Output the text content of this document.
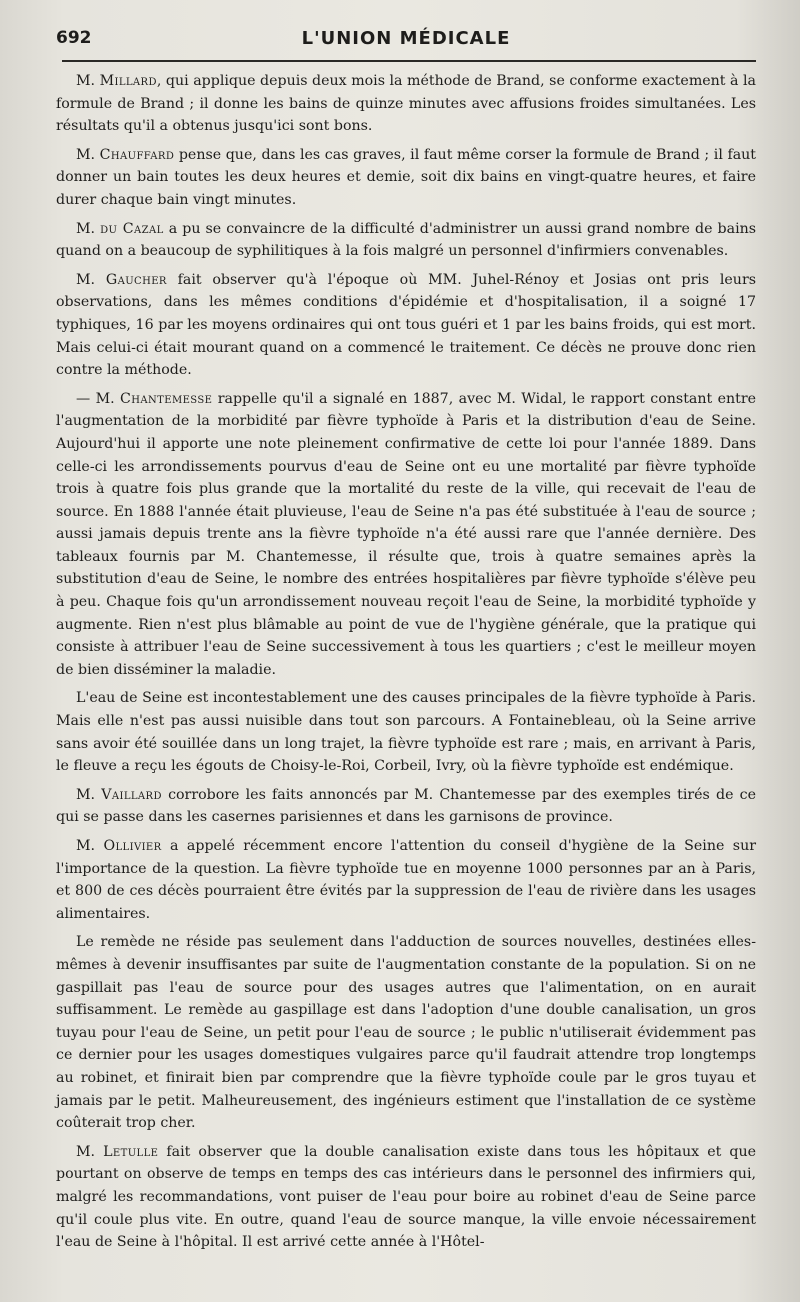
692	L'UNION MÉDICALE

M. Millard, qui applique depuis deux mois la méthode de Brand, se conforme exactement à la formule de Brand ; il donne les bains de quinze minutes avec affusions froides simultanées. Les résultats qu'il a obtenus jusqu'ici sont bons.

M. Chauffard pense que, dans les cas graves, il faut même corser la formule de Brand ; il faut donner un bain toutes les deux heures et demie, soit dix bains en vingt-quatre heures, et faire durer chaque bain vingt minutes.

M. du Cazal a pu se convaincre de la difficulté d'administrer un aussi grand nombre de bains quand on a beaucoup de syphilitiques à la fois malgré un personnel d'infirmiers convenables.

M. Gaucher fait observer qu'à l'époque où MM. Juhel-Rénoy et Josias ont pris leurs observations, dans les mêmes conditions d'épidémie et d'hospitalisation, il a soigné 17 typhiques, 16 par les moyens ordinaires qui ont tous guéri et 1 par les bains froids, qui est mort. Mais celui-ci était mourant quand on a commencé le traitement. Ce décès ne prouve donc rien contre la méthode.

— M. Chantemesse rappelle qu'il a signalé en 1887, avec M. Widal, le rapport constant entre l'augmentation de la morbidité par fièvre typhoïde à Paris et la distribution d'eau de Seine. Aujourd'hui il apporte une note pleinement confirmative de cette loi pour l'année 1889. Dans celle-ci les arrondissements pourvus d'eau de Seine ont eu une mortalité par fièvre typhoïde trois à quatre fois plus grande que la mortalité du reste de la ville, qui recevait de l'eau de source. En 1888 l'année était pluvieuse, l'eau de Seine n'a pas été substituée à l'eau de source ; aussi jamais depuis trente ans la fièvre typhoïde n'a été aussi rare que l'année dernière. Des tableaux fournis par M. Chantemesse, il résulte que, trois à quatre semaines après la substitution d'eau de Seine, le nombre des entrées hospitalières par fièvre typhoïde s'élève peu à peu. Chaque fois qu'un arrondissement nouveau reçoit l'eau de Seine, la morbidité typhoïde y augmente. Rien n'est plus blâmable au point de vue de l'hygiène générale, que la pratique qui consiste à attribuer l'eau de Seine successivement à tous les quartiers ; c'est le meilleur moyen de bien disséminer la maladie.

L'eau de Seine est incontestablement une des causes principales de la fièvre typhoïde à Paris. Mais elle n'est pas aussi nuisible dans tout son parcours. A Fontainebleau, où la Seine arrive sans avoir été souillée dans un long trajet, la fièvre typhoïde est rare ; mais, en arrivant à Paris, le fleuve a reçu les égouts de Choisy-le-Roi, Corbeil, Ivry, où la fièvre typhoïde est endémique.

M. Vaillard corrobore les faits annoncés par M. Chantemesse par des exemples tirés de ce qui se passe dans les casernes parisiennes et dans les garnisons de province.

M. Ollivier a appelé récemment encore l'attention du conseil d'hygiène de la Seine sur l'importance de la question. La fièvre typhoïde tue en moyenne 1000 personnes par an à Paris, et 800 de ces décès pourraient être évités par la suppression de l'eau de rivière dans les usages alimentaires.

Le remède ne réside pas seulement dans l'adduction de sources nouvelles, destinées elles-mêmes à devenir insuffisantes par suite de l'augmentation constante de la population. Si on ne gaspillait pas l'eau de source pour des usages autres que l'alimentation, on en aurait suffisamment. Le remède au gaspillage est dans l'adoption d'une double canalisation, un gros tuyau pour l'eau de Seine, un petit pour l'eau de source ; le public n'utiliserait évidemment pas ce dernier pour les usages domestiques vulgaires parce qu'il faudrait attendre trop longtemps au robinet, et finirait bien par comprendre que la fièvre typhoïde coule par le gros tuyau et jamais par le petit. Malheureusement, des ingénieurs estiment que l'installation de ce système coûterait trop cher.

M. Letulle fait observer que la double canalisation existe dans tous les hôpitaux et que pourtant on observe de temps en temps des cas intérieurs dans le personnel des infirmiers qui, malgré les recommandations, vont puiser de l'eau pour boire au robinet d'eau de Seine parce qu'il coule plus vite. En outre, quand l'eau de source manque, la ville envoie nécessairement l'eau de Seine à l'hôpital. Il est arrivé cette année à l'Hôtel-
